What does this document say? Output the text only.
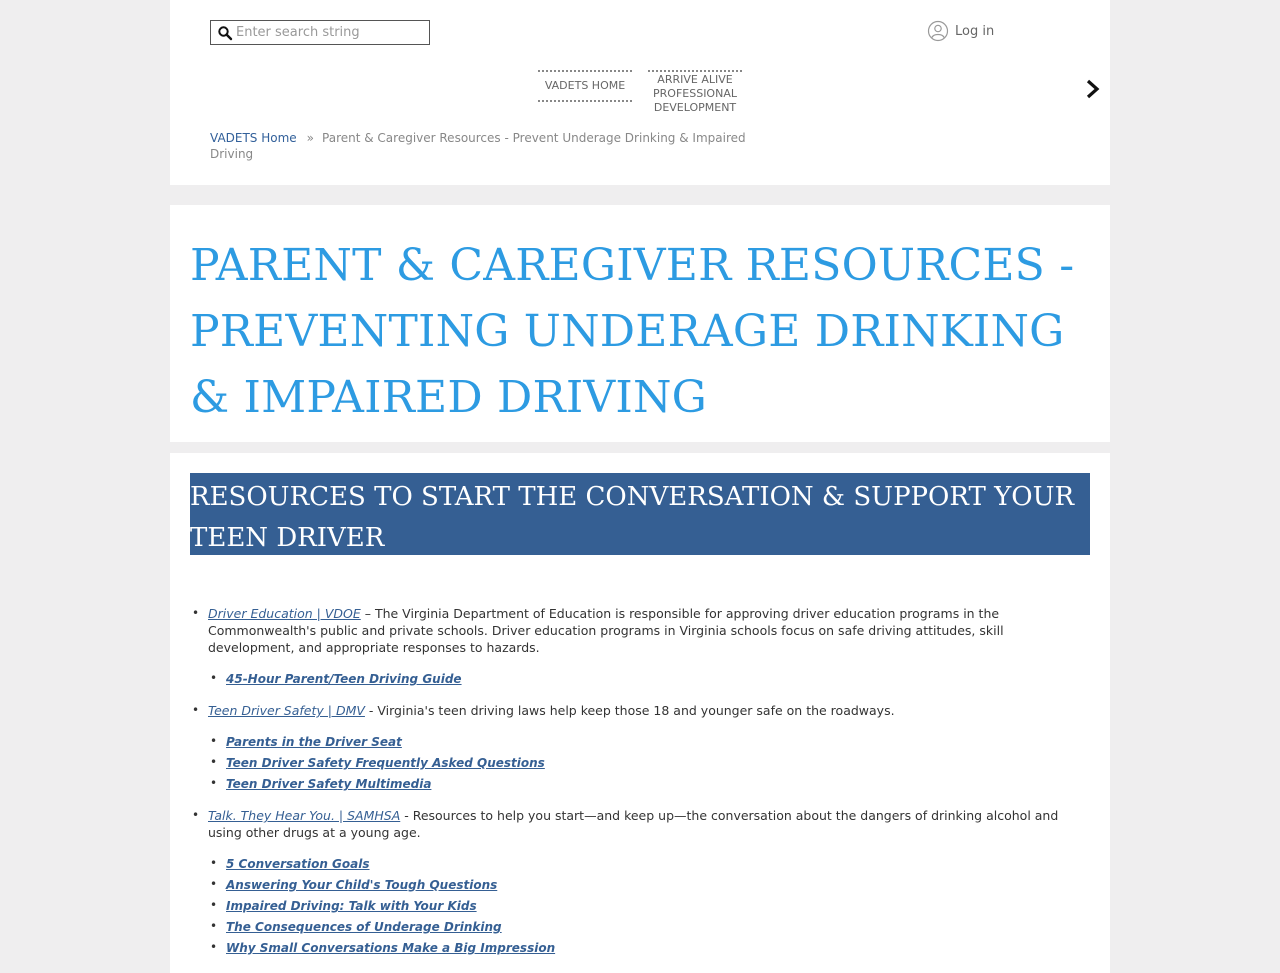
Enter search string
Log in
VADETS HOME	ARRIVE ALIVE PROFESSIONAL DEVELOPMENT
VADETS Home » Parent & Caregiver Resources - Prevent Underage Drinking & Impaired Driving
PARENT & CAREGIVER RESOURCES - PREVENTING UNDERAGE DRINKING & IMPAIRED DRIVING
RESOURCES TO START THE CONVERSATION & SUPPORT YOUR TEEN DRIVER
• Driver Education | VDOE – The Virginia Department of Education is responsible for approving driver education programs in the Commonwealth's public and private schools. Driver education programs in Virginia schools focus on safe driving attitudes, skill development, and appropriate responses to hazards.
• 45-Hour Parent/Teen Driving Guide
• Teen Driver Safety | DMV - Virginia's teen driving laws help keep those 18 and younger safe on the roadways.
• Parents in the Driver Seat
• Teen Driver Safety Frequently Asked Questions
• Teen Driver Safety Multimedia
• Talk. They Hear You. | SAMHSA - Resources to help you start—and keep up—the conversation about the dangers of drinking alcohol and using other drugs at a young age.
• 5 Conversation Goals
• Answering Your Child's Tough Questions
• Impaired Driving: Talk with Your Kids
• The Consequences of Underage Drinking
• Why Small Conversations Make a Big Impression
